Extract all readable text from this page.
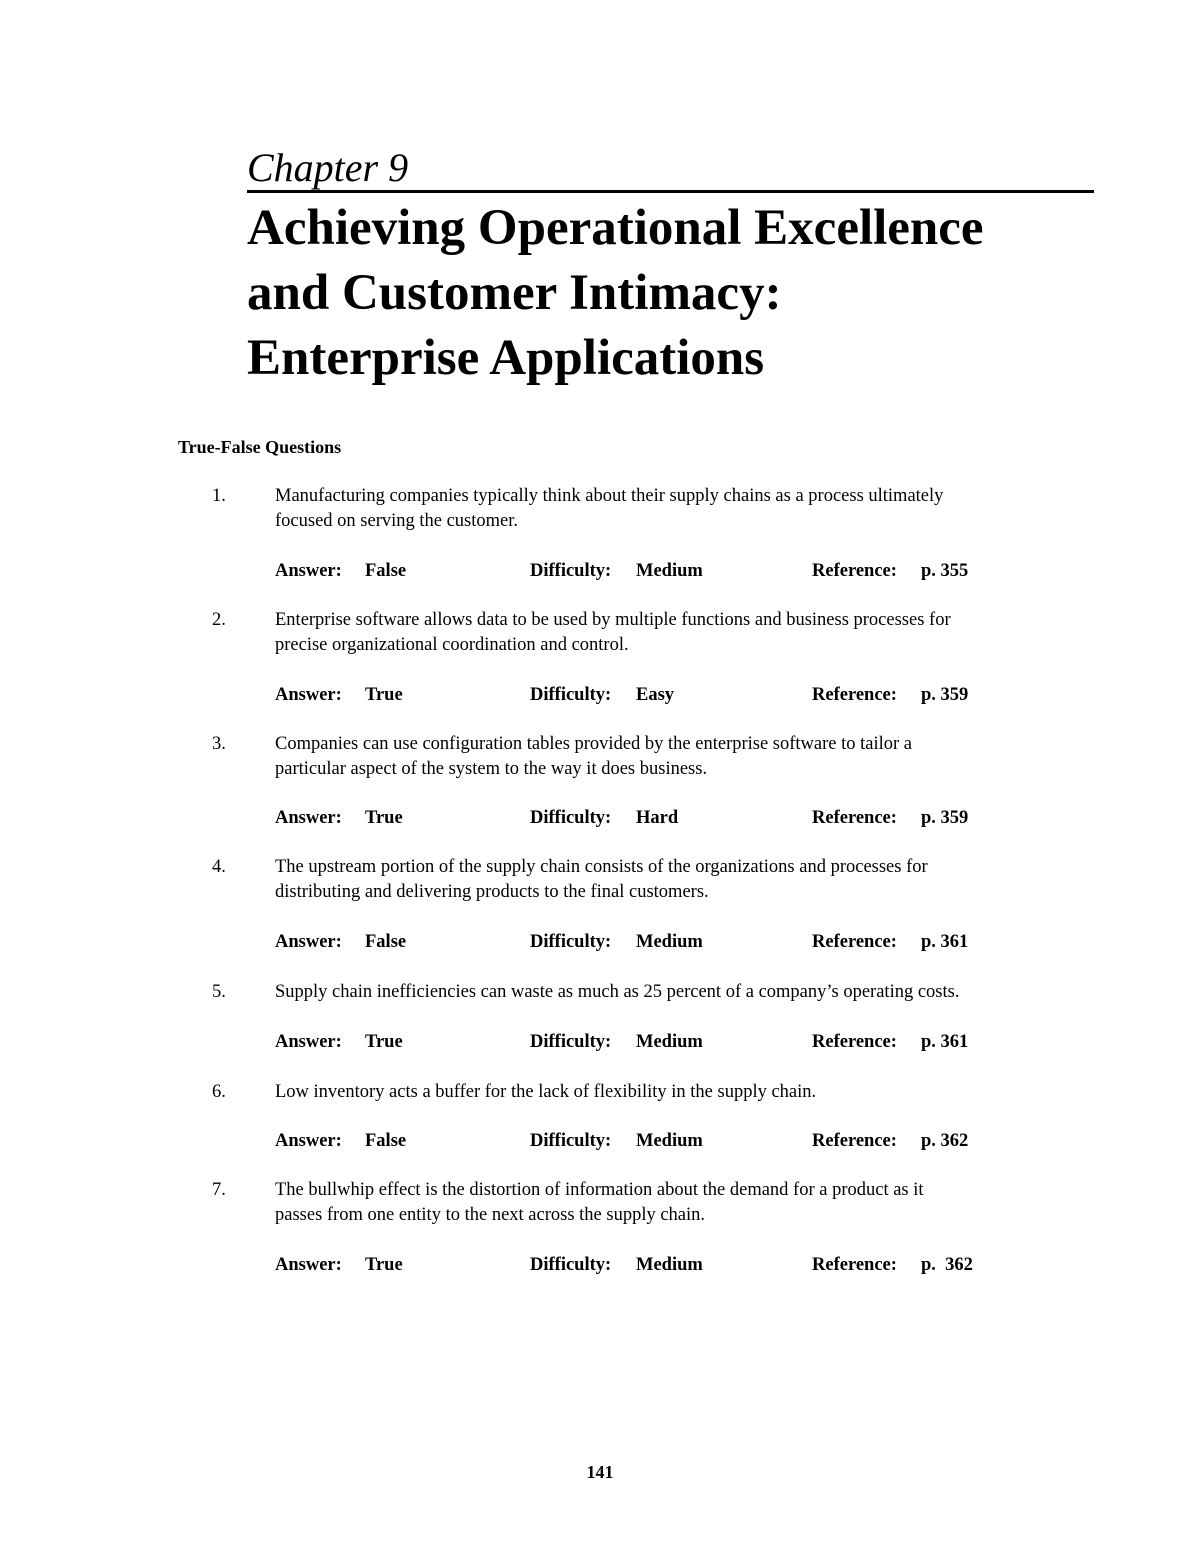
Chapter 9
Achieving Operational Excellence
and Customer Intimacy:
Enterprise Applications
True-False Questions
1.	Manufacturing companies typically think about their supply chains as a process ultimately
focused on serving the customer.

Answer: False	Difficulty: Medium	Reference: p. 355
2.	Enterprise software allows data to be used by multiple functions and business processes for
precise organizational coordination and control.

Answer: True	Difficulty: Easy	Reference: p. 359
3.	Companies can use configuration tables provided by the enterprise software to tailor a
particular aspect of the system to the way it does business.

Answer: True	Difficulty: Hard	Reference: p. 359
4.	The upstream portion of the supply chain consists of the organizations and processes for
distributing and delivering products to the final customers.

Answer: False	Difficulty: Medium	Reference: p. 361
5.	Supply chain inefficiencies can waste as much as 25 percent of a company’s operating costs.

Answer: True	Difficulty: Medium	Reference: p. 361
6.	Low inventory acts a buffer for the lack of flexibility in the supply chain.

Answer: False	Difficulty: Medium	Reference: p. 362
7.	The bullwhip effect is the distortion of information about the demand for a product as it
passes from one entity to the next across the supply chain.

Answer: True	Difficulty: Medium	Reference: p.  362
141
